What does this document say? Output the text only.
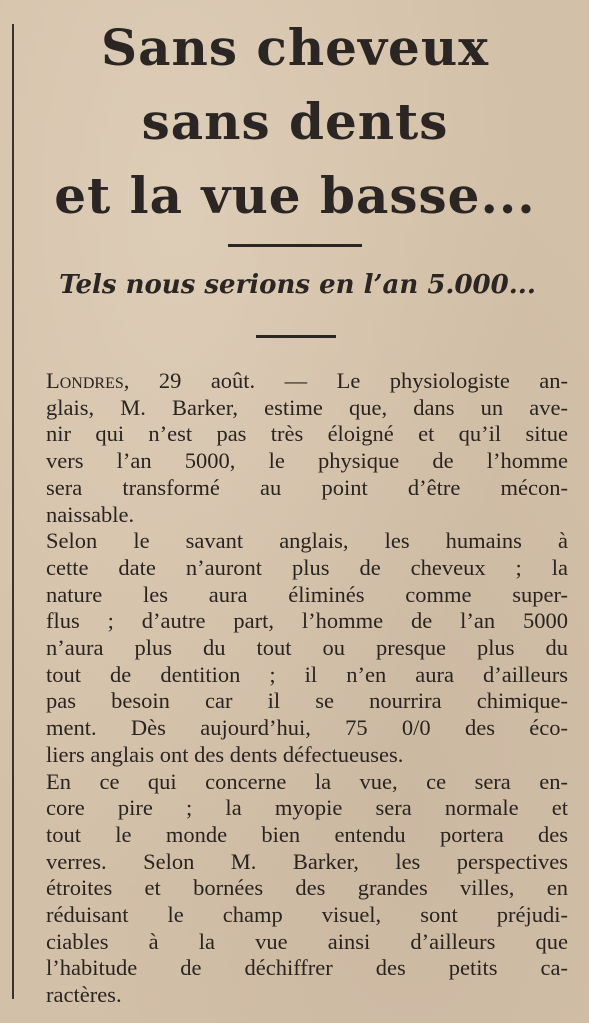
Sans cheveux
sans dents
et la vue basse...
Tels nous serions en l’an 5.000...

Londres, 29 août. — Le physiologiste an-
glais, M. Barker, estime que, dans un ave-
nir qui n’est pas très éloigné et qu’il situe
vers l’an 5000, le physique de l’homme
sera transformé au point d’être mécon-
naissable.

Selon le savant anglais, les humains à
cette date n’auront plus de cheveux ; la
nature les aura éliminés comme super-
flus ; d’autre part, l’homme de l’an 5000
n’aura plus du tout ou presque plus du
tout de dentition ; il n’en aura d’ailleurs
pas besoin car il se nourrira chimique-
ment. Dès aujourd’hui, 75 0/0 des éco-
liers anglais ont des dents défectueuses.

En ce qui concerne la vue, ce sera en-
core pire ; la myopie sera normale et
tout le monde bien entendu portera des
verres. Selon M. Barker, les perspectives
étroites et bornées des grandes villes, en
réduisant le champ visuel, sont préjudi-
ciables à la vue ainsi d’ailleurs que
l’habitude de déchiffrer des petits ca-
ractères.
